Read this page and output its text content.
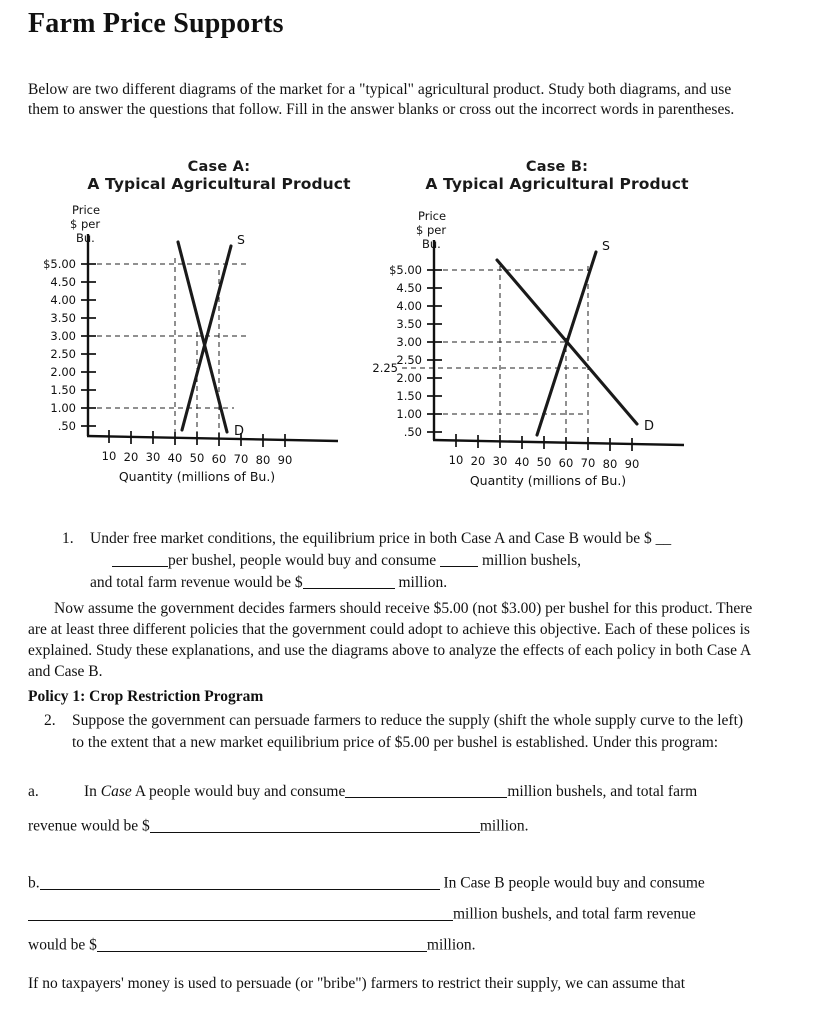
Farm Price Supports
Below are two different diagrams of the market for a "typical" agricultural product. Study both diagrams, and use them to answer the questions that follow. Fill in the answer blanks or cross out the incorrect words in parentheses.
Case A:
A Typical Agricultural Product
Price
$ per
Bu.
$5.00
4.50
4.00
3.50
3.00
2.50
2.00
1.50
1.00
.50
10 20 30 40 50 60 70 80 90
S
D
Quantity (millions of Bu.)
Case B:
A Typical Agricultural Product
Price
$ per
Bu.
2.25
$5.00
4.50
4.00
3.50
3.00
2.50
2.00
1.50
1.00
.50
10 20 30 40 50 60 70 80 90
S
D
Quantity (millions of Bu.)
1. Under free market conditions, the equilibrium price in both Case A and Case B would be $ __
per bushel, people would buy and consume	million bushels,
and total farm revenue would be $	million.
Now assume the government decides farmers should receive $5.00 (not $3.00) per bushel for this product. There are at least three different policies that the government could adopt to achieve this objective. Each of these polices is explained. Study these explanations, and use the diagrams above to analyze the effects of each policy in both Case A and Case B.
Policy 1: Crop Restriction Program
2. Suppose the government can persuade farmers to reduce the supply (shift the whole supply curve to the left) to the extent that a new market equilibrium price of $5.00 per bushel is established. Under this program:
a.	In Case A people would buy and consume	million bushels, and total farm
revenue would be $	million.
b.	In Case B people would buy and consume
million bushels, and total farm revenue
would be $	million.
If no taxpayers' money is used to persuade (or "bribe") farmers to restrict their supply, we can assume that
